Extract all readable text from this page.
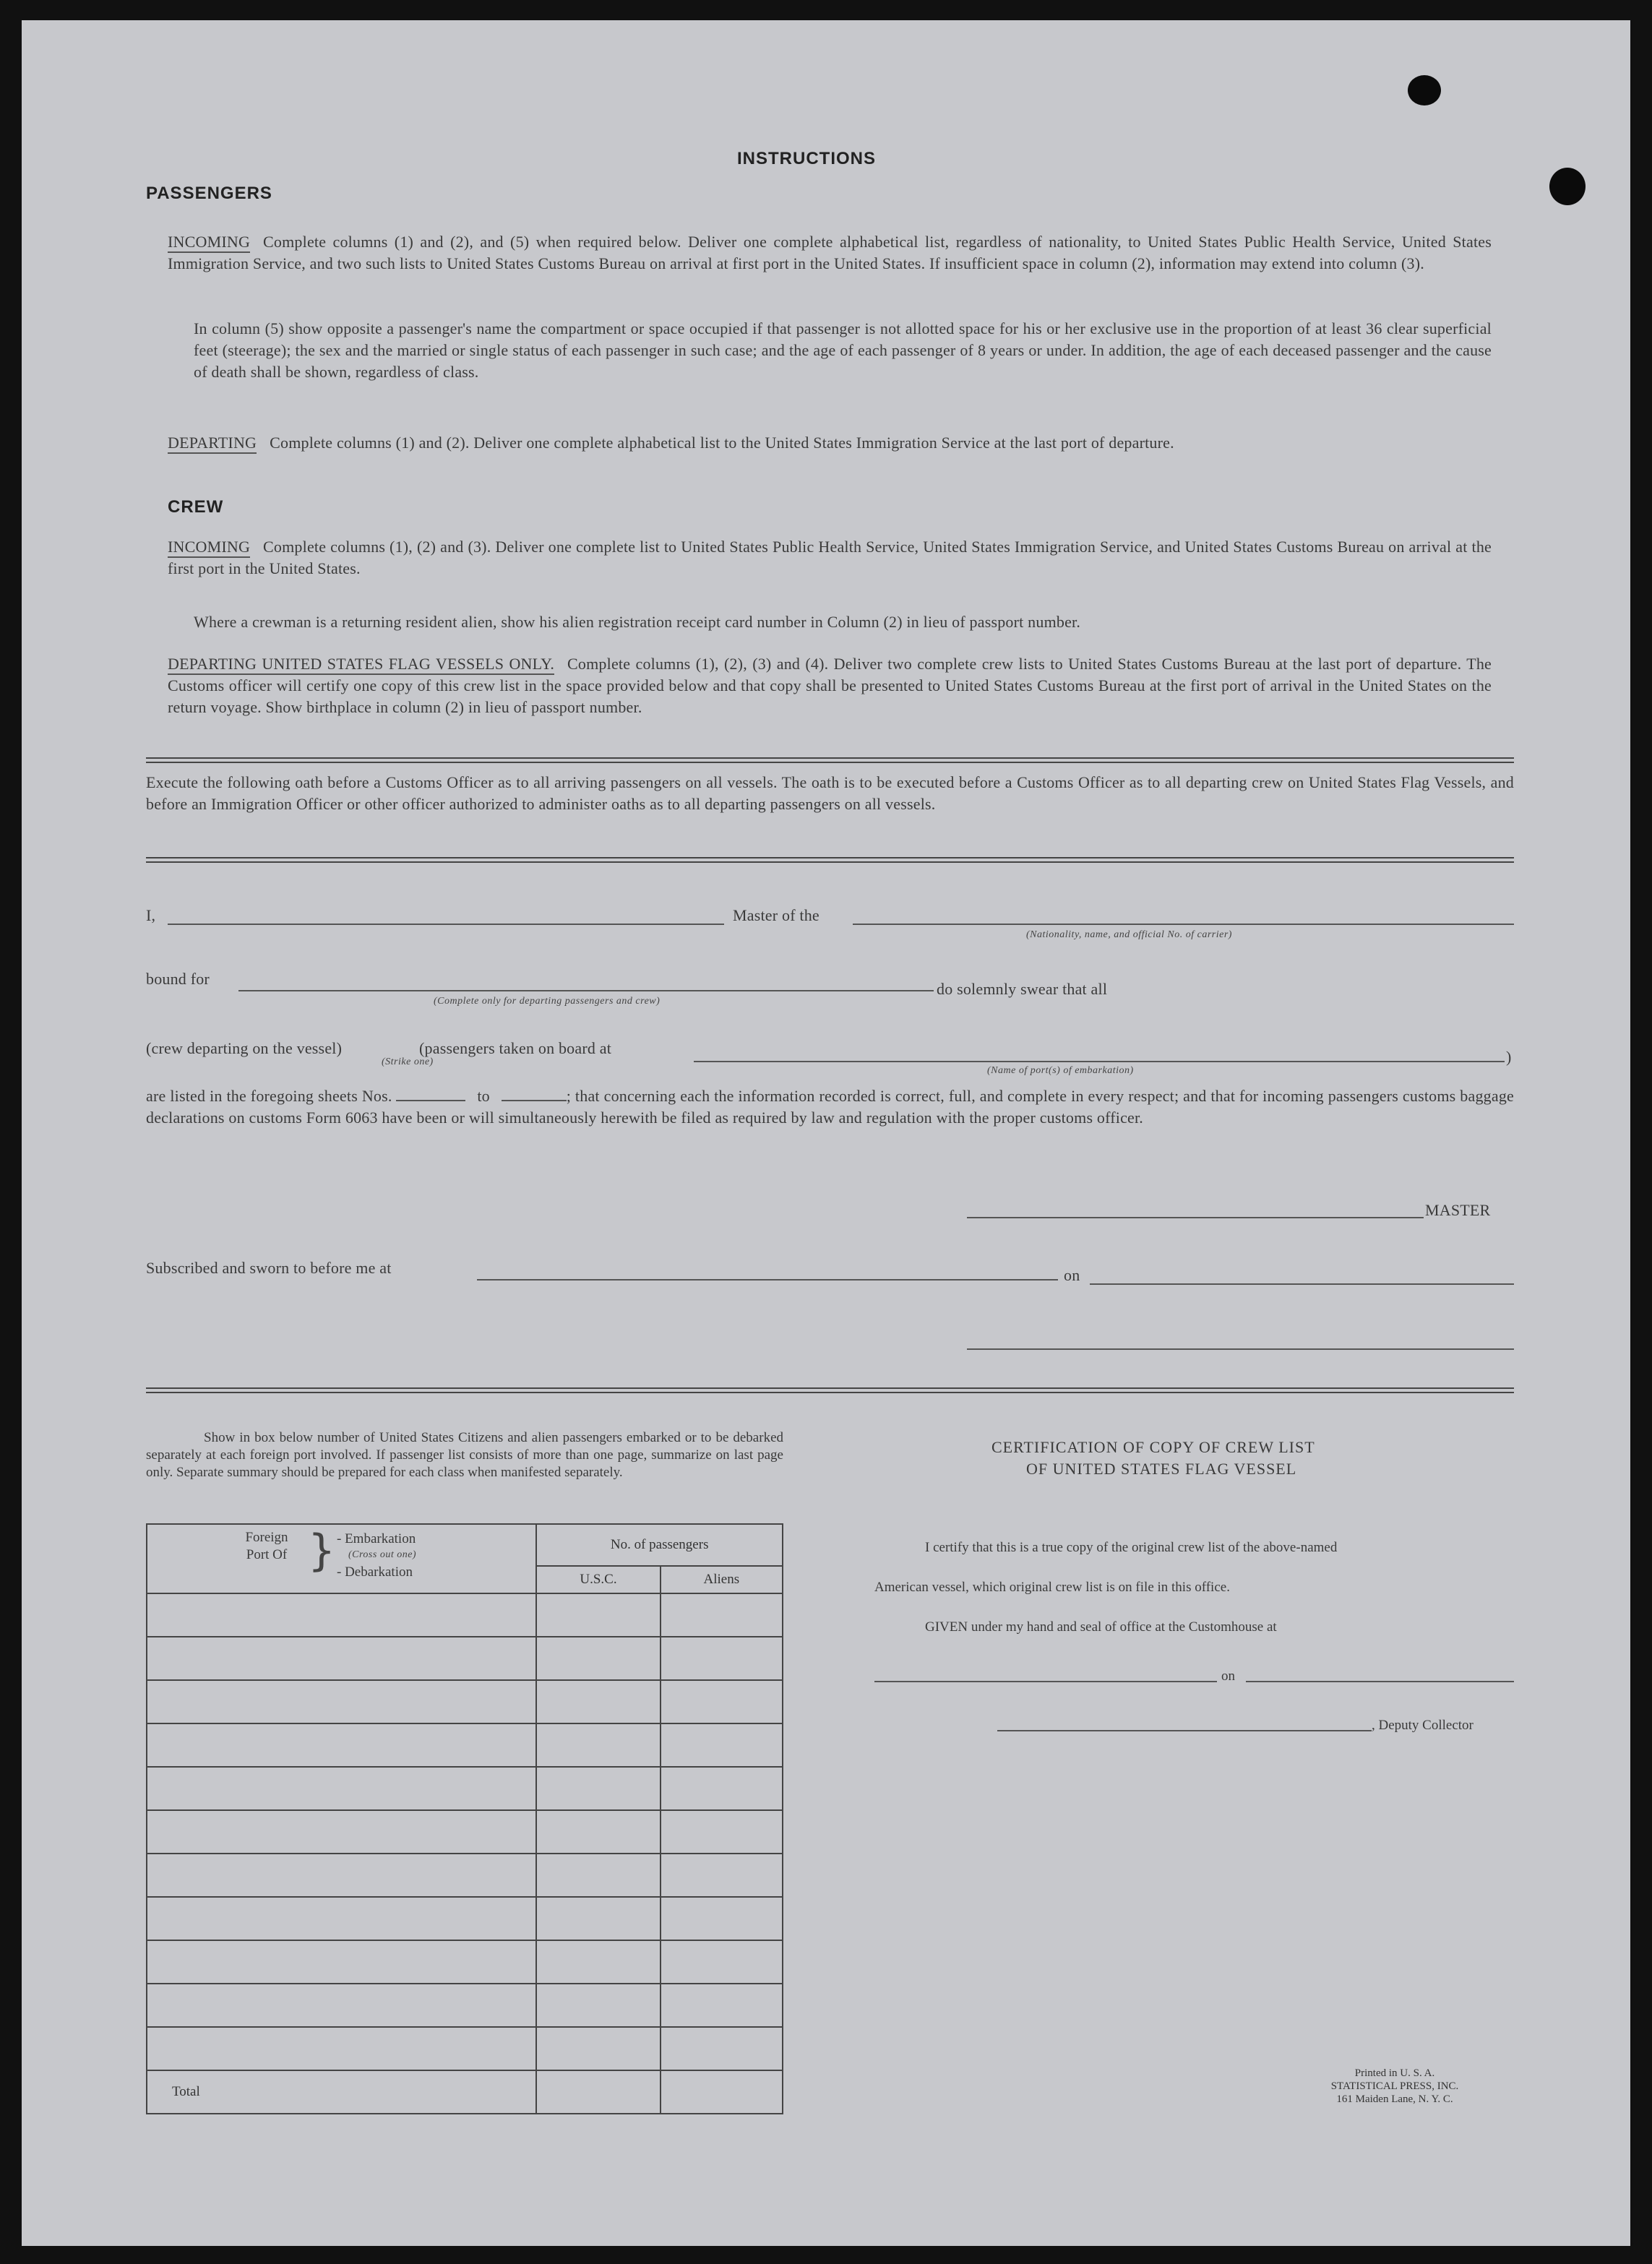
INSTRUCTIONS
PASSENGERS
INCOMING Complete columns (1) and (2), and (5) when required below. Deliver one complete alphabetical list, regardless of nationality, to United States Public Health Service, United States Immigration Service, and two such lists to United States Customs Bureau on arrival at first port in the United States. If insufficient space in column (2), information may extend into column (3).
In column (5) show opposite a passenger's name the compartment or space occupied if that passenger is not allotted space for his or her exclusive use in the proportion of at least 36 clear superficial feet (steerage); the sex and the married or single status of each passenger in such case; and the age of each passenger of 8 years or under. In addition, the age of each deceased passenger and the cause of death shall be shown, regardless of class.
DEPARTING Complete columns (1) and (2). Deliver one complete alphabetical list to the United States Immigration Service at the last port of departure.
CREW
INCOMING Complete columns (1), (2) and (3). Deliver one complete list to United States Public Health Service, United States Immigration Service, and United States Customs Bureau on arrival at the first port in the United States.
Where a crewman is a returning resident alien, show his alien registration receipt card number in Column (2) in lieu of passport number.
DEPARTING UNITED STATES FLAG VESSELS ONLY. Complete columns (1), (2), (3) and (4). Deliver two complete crew lists to United States Customs Bureau at the last port of departure. The Customs officer will certify one copy of this crew list in the space provided below and that copy shall be presented to United States Customs Bureau at the first port of arrival in the United States on the return voyage. Show birthplace in column (2) in lieu of passport number.
Execute the following oath before a Customs Officer as to all arriving passengers on all vessels. The oath is to be executed before a Customs Officer as to all departing crew on United States Flag Vessels, and before an Immigration Officer or other officer authorized to administer oaths as to all departing passengers on all vessels.
I,	Master of the
(Nationality, name, and official No. of carrier)
bound for
(Complete only for departing passengers and crew)
do solemnly swear that all
(crew departing on the vessel)	(passengers taken on board at
(Strike one)
(Name of port(s) of embarkation)
)
are listed in the foregoing sheets Nos.	to	; that concerning each the information recorded is correct, full, and complete in every respect; and that for incoming passengers customs baggage declarations on customs Form 6063 have been or will simultaneously herewith be filed as required by law and regulation with the proper customs officer.
MASTER
Subscribed and sworn to before me at	on
Show in box below number of United States Citizens and alien passengers embarked or to be debarked separately at each foreign port involved. If passenger list consists of more than one page, summarize on last page only. Separate summary should be prepared for each class when manifested separately.
Foreign Port Of } - Embarkation
(Cross out one)
- Debarkation	No. of passengers	
	U.S.C.	Aliens

Total		
CERTIFICATION OF COPY OF CREW LIST
OF UNITED STATES FLAG VESSEL
I certify that this is a true copy of the original crew list of the above-named
American vessel, which original crew list is on file in this office.
GIVEN under my hand and seal of office at the Customhouse at
on
, Deputy Collector
Printed in U. S. A.
STATISTICAL PRESS, INC.
161 Maiden Lane, N. Y. C.
